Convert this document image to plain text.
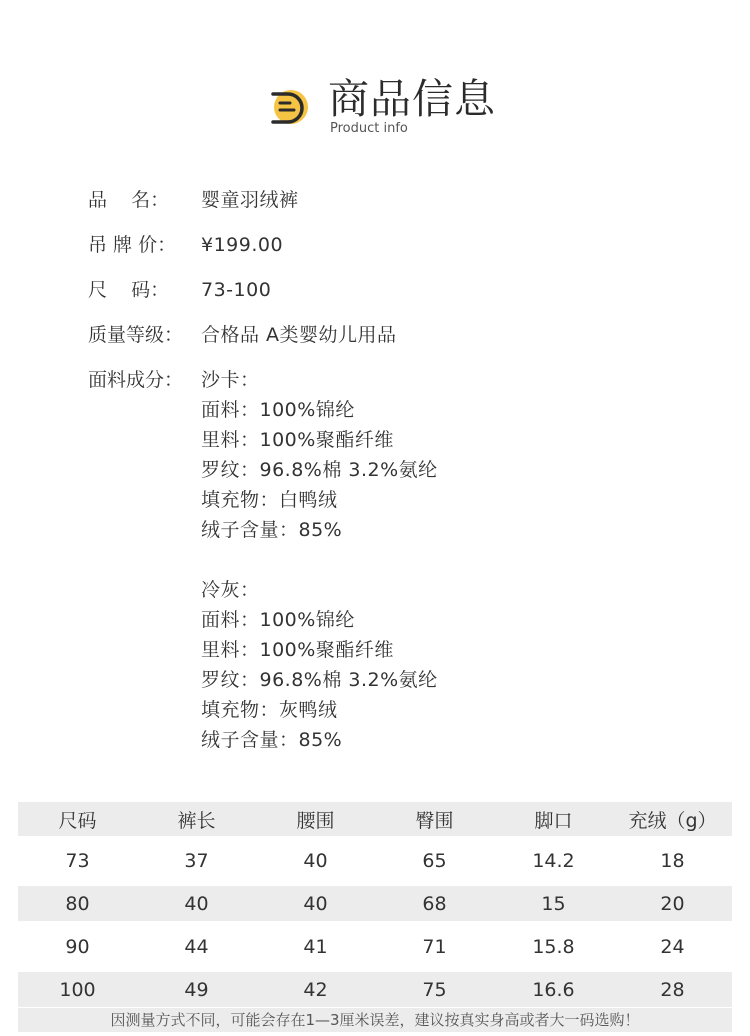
商品信息
Product info
品    名：	婴童羽绒裤
吊 牌 价：	¥199.00
尺    码：	73-100
质量等级： 合格品 A类婴幼儿用品
面料成分： 沙卡：
面料：100%锦纶
里料：100%聚酯纤维
罗纹：96.8%棉 3.2%氨纶
填充物：白鸭绒
绒子含量：85%
冷灰：
面料：100%锦纶
里料：100%聚酯纤维
罗纹：96.8%棉 3.2%氨纶
填充物：灰鸭绒
绒子含量：85%
尺码	裤长	腰围	臀围	脚口	充绒（g）
73	37	40	65	14.2	18
80	40	40	68	15	20
90	44	41	71	15.8	24
100	49	42	75	16.6	28
因测量方式不同，可能会存在1—3厘米误差，建议按真实身高或者大一码选购！
